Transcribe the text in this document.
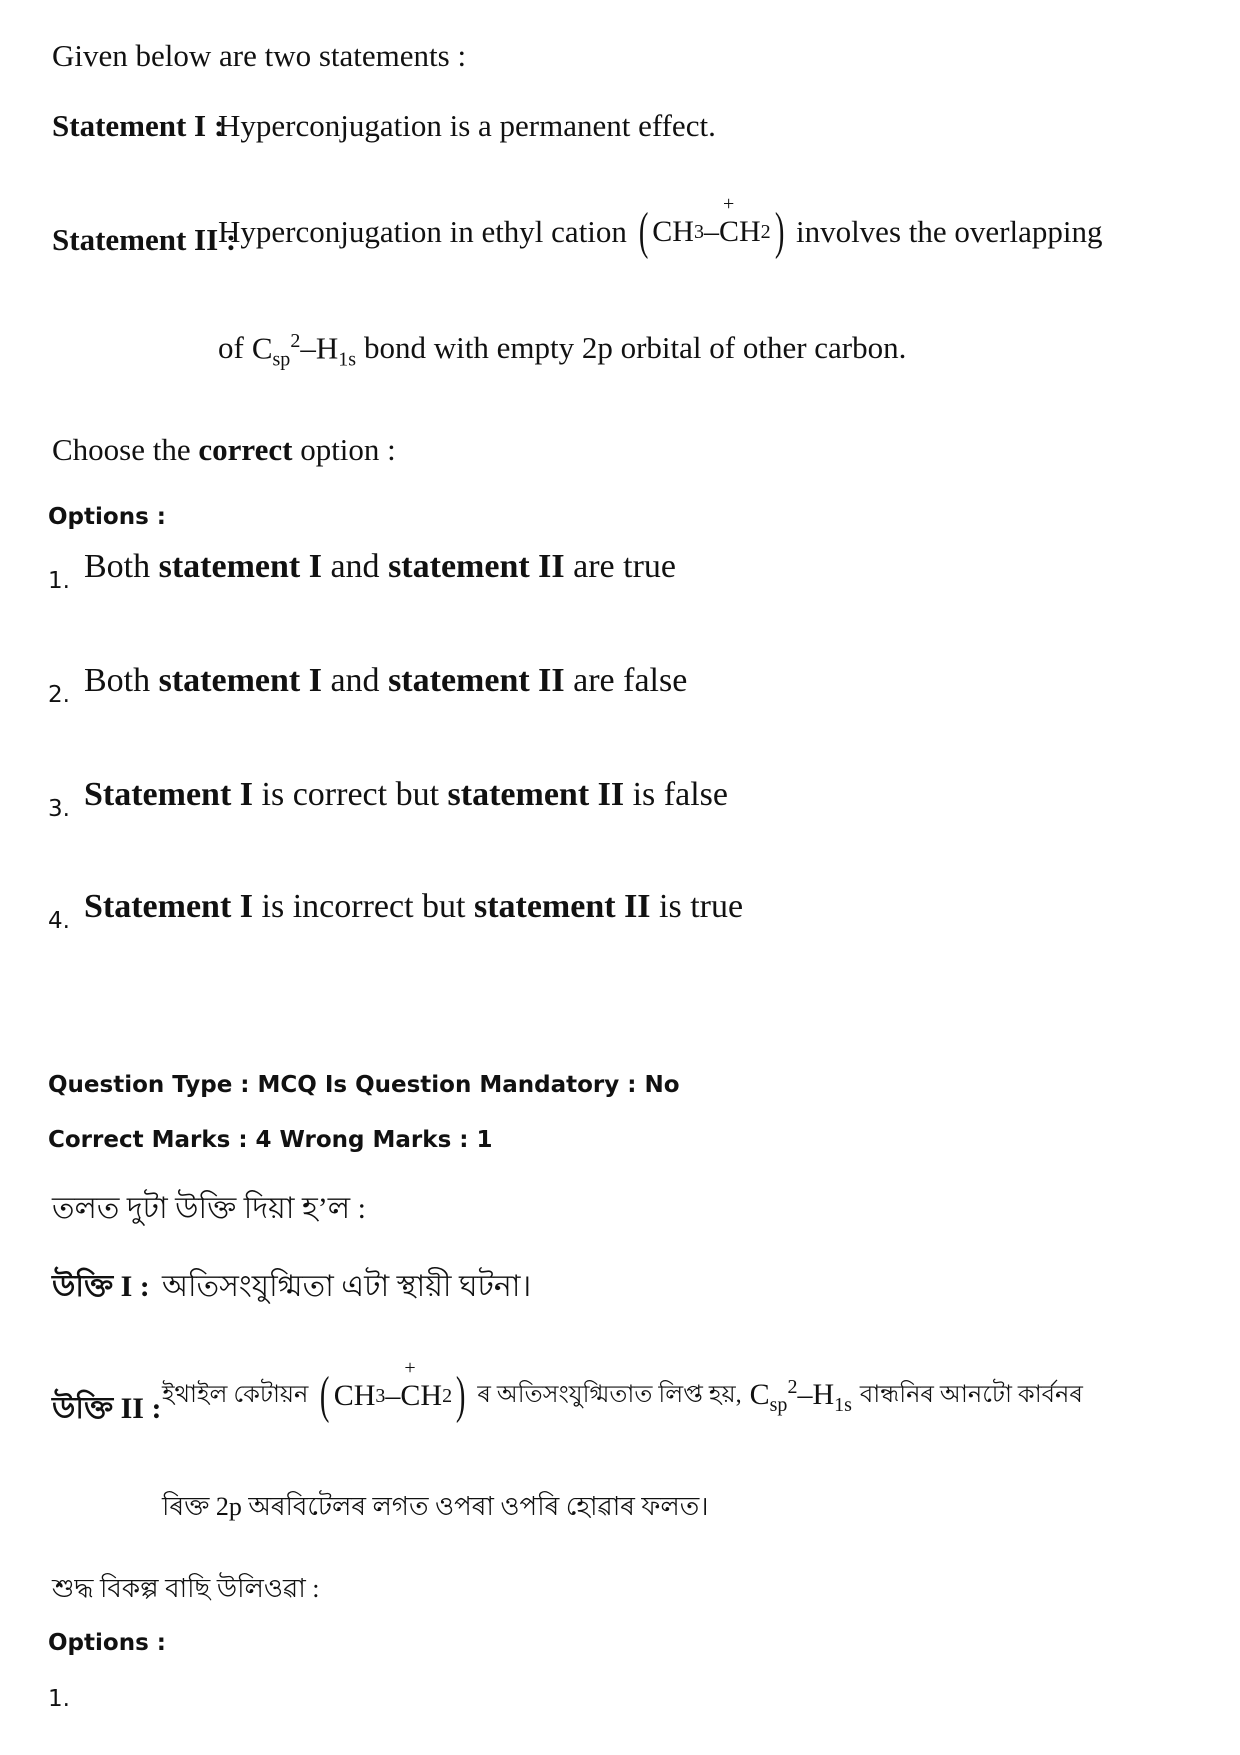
Given below are two statements :
Statement I :
Hyperconjugation is a permanent effect.
Statement II :
Hyperconjugation in ethyl cation ( CH 3 –
+
CH 2 ) involves the overlapping
of $C_{sp}^2-H_{1s}$ bond with empty 2p orbital of other carbon.
Choose the correct option :
Options :
1. Both statement I and statement II are true
2. Both statement I and statement II are false
3. Statement I is correct but statement II is false
4. Statement I is incorrect but statement II is true
Question Type : MCQ Is Question Mandatory : No
Correct Marks : 4 Wrong Marks : 1
তলত দুটা উক্তি দিয়া হ’ল :
উক্তি I : অতিসংযুগ্মিতা এটা স্থায়ী ঘটনা।
উক্তি II : ইথাইল কেটায়ন ( CH 3 –
+
CH 2 ) ৰ অতিসংযুগ্মিতাত লিপ্ত হয়, $C_{sp}^2-H_{1s}$ বান্ধনিৰ আনটো কাৰ্বনৰ
ৰিক্ত 2p অৰবিটেলৰ লগত ওপৰা ওপৰি হোৱাৰ ফলত।
শুদ্ধ বিকল্প বাছি উলিওৱা :
Options :
1.
